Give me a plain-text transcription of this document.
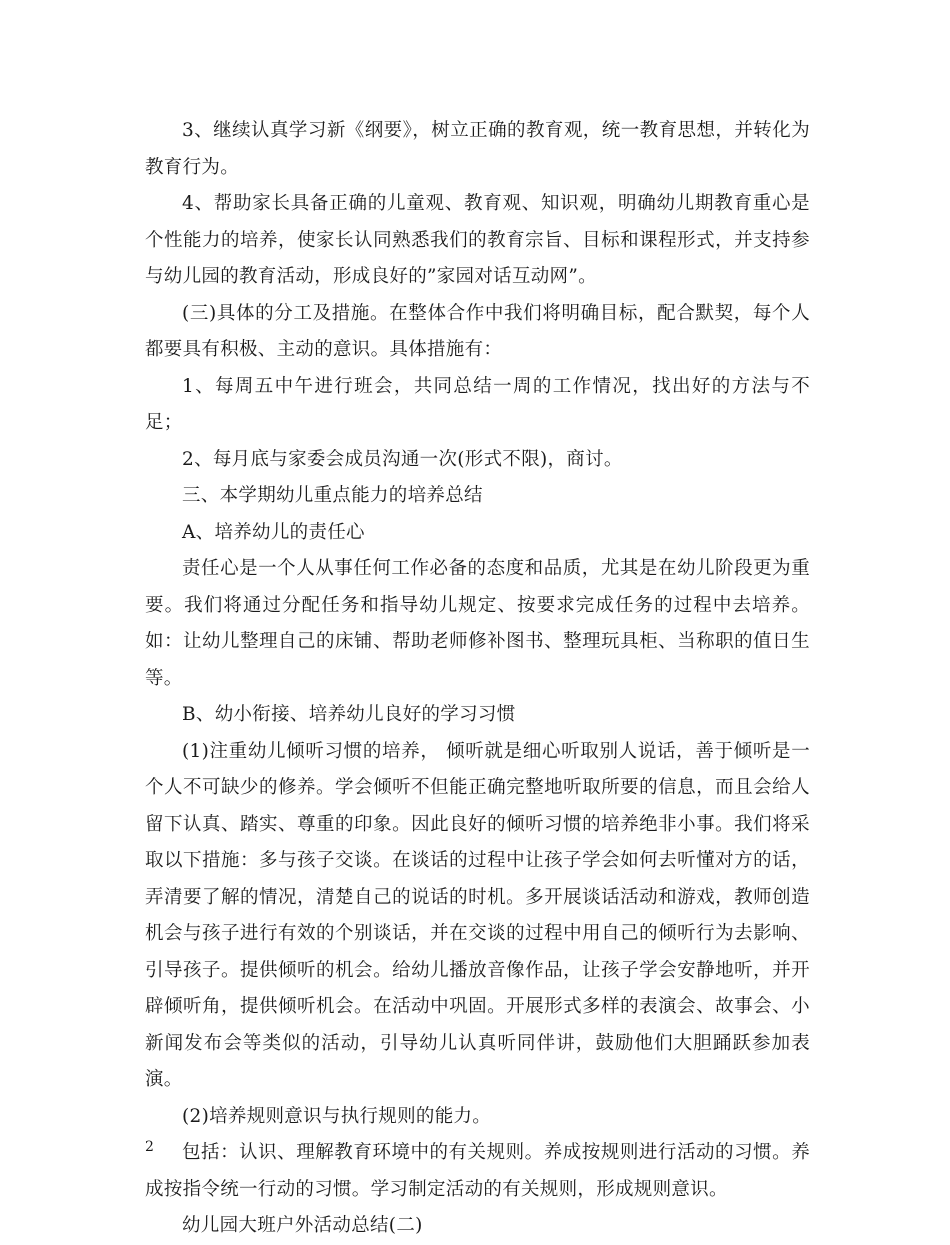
3、继续认真学习新《纲要》，树立正确的教育观，统一教育思想，并转化为教育行为。

4、帮助家长具备正确的儿童观、教育观、知识观，明确幼儿期教育重心是个性能力的培养，使家长认同熟悉我们的教育宗旨、目标和课程形式，并支持参与幼儿园的教育活动，形成良好的”家园对话互动网”。

(三)具体的分工及措施。在整体合作中我们将明确目标，配合默契，每个人都要具有积极、主动的意识。具体措施有：

1、每周五中午进行班会，共同总结一周的工作情况，找出好的方法与不足；

2、每月底与家委会成员沟通一次(形式不限)，商讨。

三、本学期幼儿重点能力的培养总结

A、培养幼儿的责任心

责任心是一个人从事任何工作必备的态度和品质，尤其是在幼儿阶段更为重要。我们将通过分配任务和指导幼儿规定、按要求完成任务的过程中去培养。如：让幼儿整理自己的床铺、帮助老师修补图书、整理玩具柜、当称职的值日生等。

B、幼小衔接、培养幼儿良好的学习习惯

(1)注重幼儿倾听习惯的培养， 倾听就是细心听取别人说话，善于倾听是一个人不可缺少的修养。学会倾听不但能正确完整地听取所要的信息，而且会给人留下认真、踏实、尊重的印象。因此良好的倾听习惯的培养绝非小事。我们将采取以下措施：多与孩子交谈。在谈话的过程中让孩子学会如何去听懂对方的话，弄清要了解的情况，清楚自己的说话的时机。多开展谈话活动和游戏，教师创造机会与孩子进行有效的个别谈话，并在交谈的过程中用自己的倾听行为去影响、引导孩子。提供倾听的机会。给幼儿播放音像作品，让孩子学会安静地听，并开辟倾听角，提供倾听机会。在活动中巩固。开展形式多样的表演会、故事会、小新闻发布会等类似的活动，引导幼儿认真听同伴讲，鼓励他们大胆踊跃参加表演。

(2)培养规则意识与执行规则的能力。

包括：认识、理解教育环境中的有关规则。养成按规则进行活动的习惯。养成按指令统一行动的习惯。学习制定活动的有关规则，形成规则意识。

幼儿园大班户外活动总结(二)

2
